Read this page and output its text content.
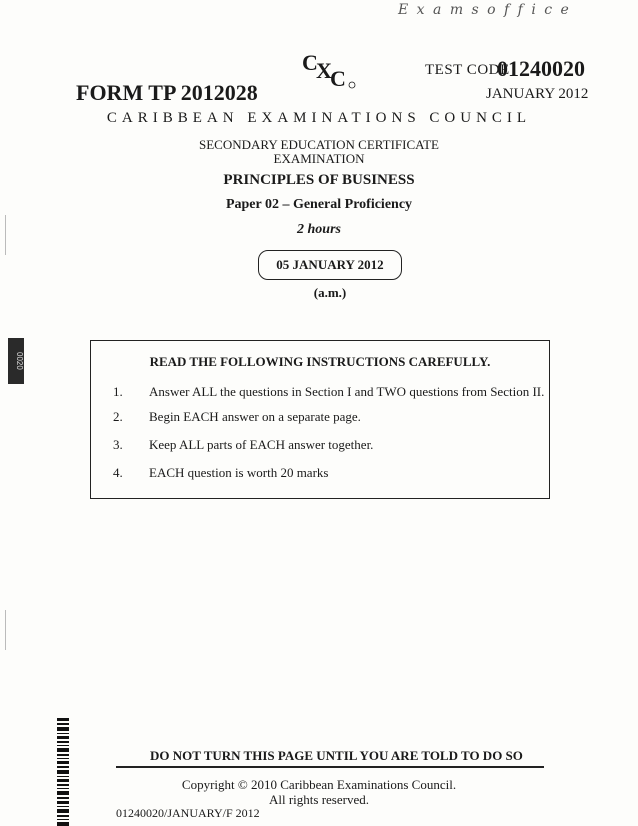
E x a m s o f f i c e
C
X
C	TEST CODE
01240020
FORM TP 2012028	JANUARY 2012
CARIBBEAN EXAMINATIONS COUNCIL
SECONDARY EDUCATION CERTIFICATE
EXAMINATION
PRINCIPLES OF BUSINESS
Paper 02 – General Proficiency
2 hours
05 JANUARY 2012 (a.m.)
0020	READ THE FOLLOWING INSTRUCTIONS CAREFULLY.
1. Answer ALL the questions in Section I and TWO questions from Section II.
2. Begin EACH answer on a separate page.
3. Keep ALL parts of EACH answer together.
4. EACH question is worth 20 marks
DO NOT TURN THIS PAGE UNTIL YOU ARE TOLD TO DO SO
Copyright © 2010 Caribbean Examinations Council.
All rights reserved.
01240020/JANUARY/F 2012
